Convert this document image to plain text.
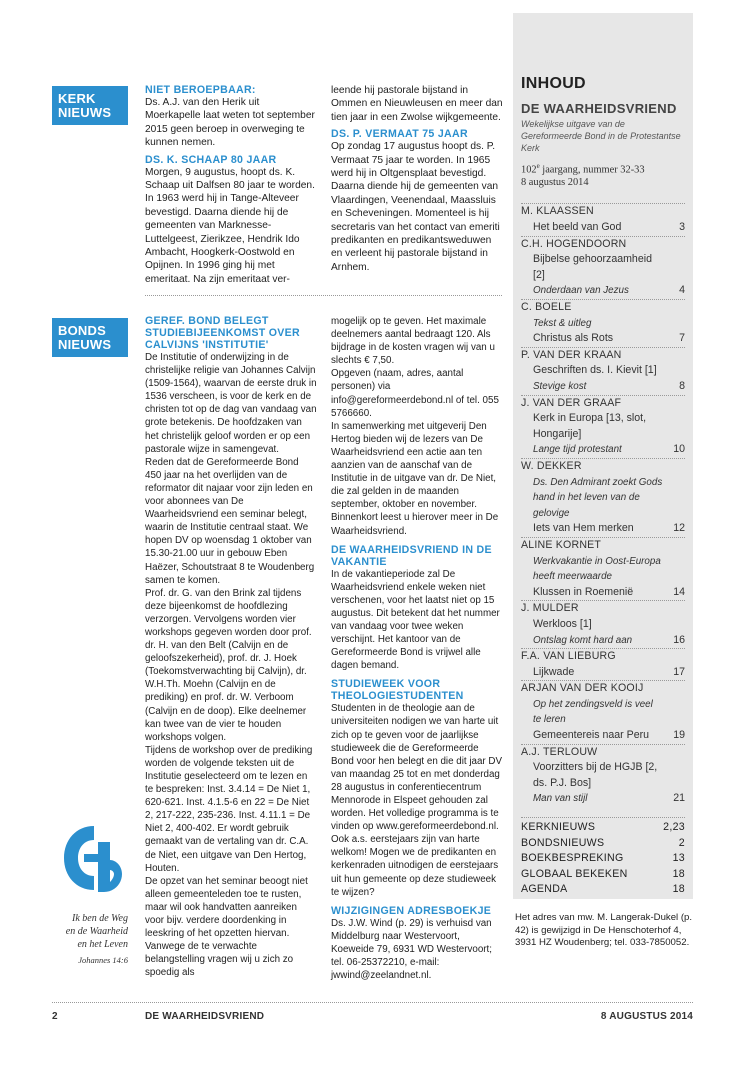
KERK
NIEUWS
NIET BEROEPBAAR:

Ds. A.J. van den Herik uit Moerkapelle laat weten tot september 2015 geen beroep in overweging te kunnen nemen.

DS. K. SCHAAP 80 JAAR

Morgen, 9 augustus, hoopt ds. K. Schaap uit Dalfsen 80 jaar te worden. In 1963 werd hij in Tange-Alteveer bevestigd. Daarna diende hij de gemeenten van Marknesse-Luttelgeest, Zierikzee, Hendrik Ido Ambacht, Hoogkerk-Oostwold en Opijnen. In 1996 ging hij met emeritaat. Na zijn emeritaat ver-

leende hij pastorale bijstand in Ommen en Nieuwleusen en meer dan tien jaar in een Zwolse wijkgemeente.

DS. P. VERMAAT 75 JAAR

Op zondag 17 augustus hoopt ds. P. Vermaat 75 jaar te worden. In 1965 werd hij in Oltgensplaat bevestigd. Daarna diende hij de gemeenten van Vlaardingen, Veenendaal, Maassluis en Scheveningen. Momenteel is hij secretaris van het contact van emeriti predikanten en predikantsweduwen en verleent hij pastorale bijstand in Arnhem.

BONDS
NIEUWS
GEREF. BOND BELEGT STUDIEBIJEENKOMST OVER CALVIJNS 'INSTITUTIE'

De Institutie of onderwijzing in de christelijke religie van Johannes Calvijn (1509-1564), waarvan de eerste druk in 1536 verscheen, is voor de kerk en de christen tot op de dag van vandaag van grote betekenis. De hoofdzaken van het christelijk geloof worden er op een pastorale wijze in samengevat.

Reden dat de Gereformeerde Bond 450 jaar na het overlijden van de reformator dit najaar voor zijn leden en voor abonnees van De Waarheidsvriend een seminar belegt, waarin de Institutie centraal staat. We hopen DV op woensdag 1 oktober van 15.30-21.00 uur in gebouw Eben Haëzer, Schoutstraat 8 te Woudenberg samen te komen.

Prof. dr. G. van den Brink zal tijdens deze bijeenkomst de hoofdlezing verzorgen. Vervolgens worden vier workshops gegeven worden door prof. dr. H. van den Belt (Calvijn en de geloofszekerheid), prof. dr. J. Hoek (Toekomstverwachting bij Calvijn), dr. W.H.Th. Moehn (Calvijn en de prediking) en prof. dr. W. Verboom (Calvijn en de doop). Elke deelnemer kan twee van de vier te houden workshops volgen.

Tijdens de workshop over de prediking worden de volgende teksten uit de Institutie geselecteerd om te lezen en te bespreken: Inst. 3.4.14 = De Niet 1, 620-621. Inst. 4.1.5-6 en 22 = De Niet 2, 217-222, 235-236. Inst. 4.11.1 = De Niet 2, 400-402. Er wordt gebruik gemaakt van de vertaling van dr. C.A. de Niet, een uitgave van Den Hertog, Houten.

De opzet van het seminar beoogt niet alleen gemeenteleden toe te rusten, maar wil ook handvatten aanreiken voor bijv. verdere doordenking in leeskring of het opzetten hiervan. Vanwege de te verwachte belangstelling vragen wij u zich zo spoedig als

mogelijk op te geven. Het maximale deelnemers aantal bedraagt 120. Als bijdrage in de kosten vragen wij van u slechts € 7,50.

Opgeven (naam, adres, aantal personen) via info@gereformeerdebond.nl of tel. 055 5766660.

In samenwerking met uitgeverij Den Hertog bieden wij de lezers van De Waarheidsvriend een actie aan ten aanzien van de aanschaf van de Institutie in de uitgave van dr. De Niet, die zal gelden in de maanden september, oktober en november. Binnenkort leest u hierover meer in De Waarheidsvriend.

DE WAARHEIDSVRIEND IN DE VAKANTIE

In de vakantieperiode zal De Waarheidsvriend enkele weken niet verschenen, voor het laatst niet op 15 augustus. Dit betekent dat het nummer van vandaag voor twee weken verschijnt. Het kantoor van de Gereformeerde Bond is vrijwel alle dagen bemand.

STUDIEWEEK VOOR THEOLOGIESTUDENTEN

Studenten in de theologie aan de universiteiten nodigen we van harte uit zich op te geven voor de jaarlijkse studieweek die de Gereformeerde Bond voor hen belegt en die dit jaar DV van maandag 25 tot en met donderdag 28 augustus in conferentiecentrum Mennorode in Elspeet gehouden zal worden. Het volledige programma is te vinden op www.gereformeerdebond.nl. Ook a.s. eerstejaars zijn van harte welkom! Mogen we de predikanten en kerkenraden uitnodigen de eerstejaars uit hun gemeente op deze studieweek te wijzen?

WIJZIGINGEN ADRESBOEKJE

Ds. J.W. Wind (p. 29) is verhuisd van Middelburg naar Westervoort, Koeweide 79, 6931 WD Westervoort; tel. 06-25372210, e-mail: jwwind@zeelandnet.nl.

Ik ben de Weg
en de Waarheid
en het Leven
Johannes 14:6
INHOUD
DE WAARHEIDSVRIEND
Wekelijkse uitgave van de Gereformeerde Bond in de Protestantse Kerk
102e jaargang, nummer 32-33
8 augustus 2014
M. KLAASSEN
Het beeld van God	3
C.H. HOGENDOORN
Bijbelse gehoorzaamheid [2]
Onderdaan van Jezus	4
C. BOELE
Tekst & uitleg
Christus als Rots	7
P. VAN DER KRAAN
Geschriften ds. I. Kievit [1]
Stevige kost	8
J. VAN DER GRAAF
Kerk in Europa [13, slot, Hongarije]
Lange tijd protestant	10
W. DEKKER
Ds. Den Admirant zoekt Gods hand in het leven van de gelovige
Iets van Hem merken	12
ALINE KORNET
Werkvakantie in Oost-Europa heeft meerwaarde
Klussen in Roemenië	14
J. MULDER
Werkloos [1]
Ontslag komt hard aan	16
F.A. VAN LIEBURG
Lijkwade	17
ARJAN VAN DER KOOIJ
Op het zendingsveld is veel te leren
Gemeentereis naar Peru	19
A.J. TERLOUW
Voorzitters bij de HGJB [2, ds. P.J. Bos]
Man van stijl	21
KERKNIEUWS	2,23
BONDSNIEUWS	2
BOEKBESPREKING	13
GLOBAAL BEKEKEN	18
AGENDA	18
Het adres van mw. M. Langerak-Dukel (p. 42) is gewijzigd in De Henschoterhof 4, 3931 HZ Woudenberg; tel. 033-7850052.
2	DE WAARHEIDSVRIEND	8 AUGUSTUS 2014
